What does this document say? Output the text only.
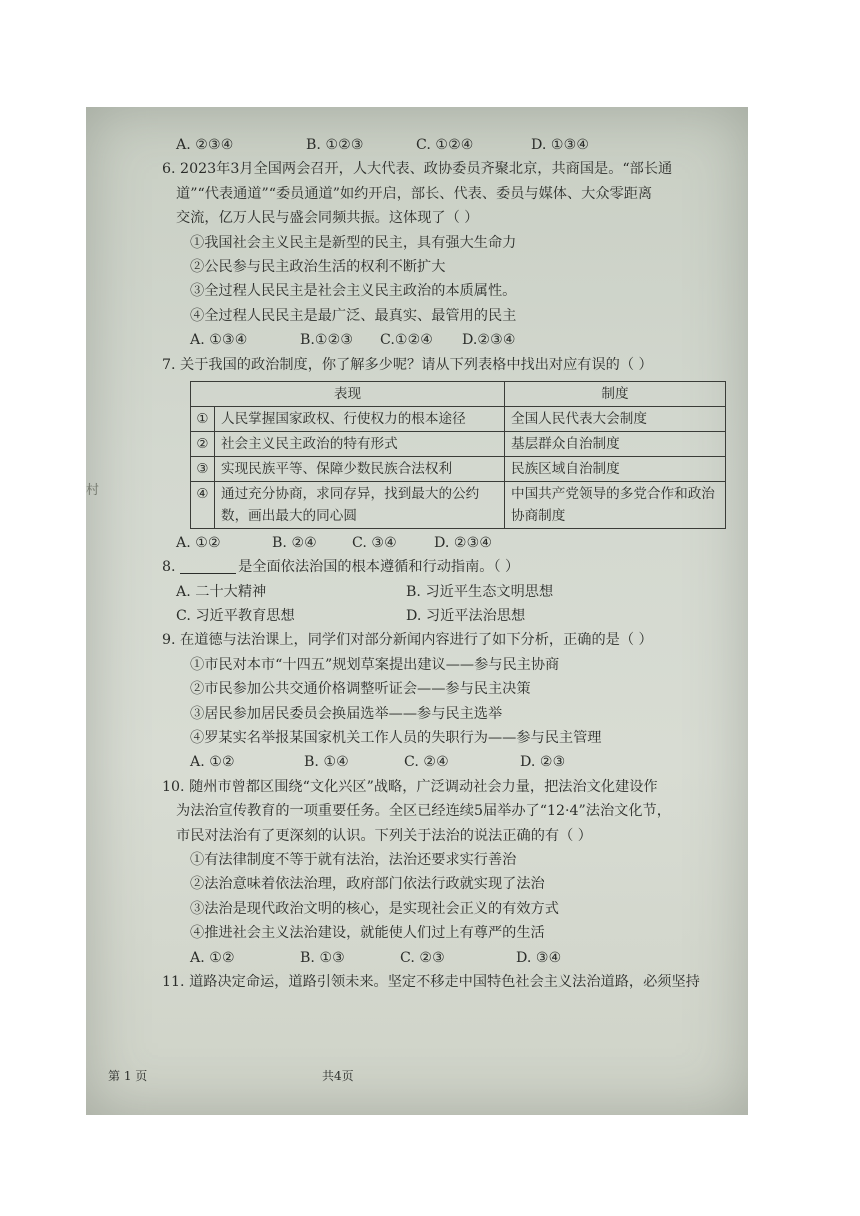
村
A. ②③④	B. ①②③	C. ①②④	D. ①③④
6. 2023年3月全国两会召开，人大代表、政协委员齐聚北京，共商国是。“部长通
道”“代表通道”“委员通道”如约开启，部长、代表、委员与媒体、大众零距离
交流，亿万人民与盛会同频共振。这体现了（ ）
①我国社会主义民主是新型的民主，具有强大生命力
②公民参与民主政治生活的权利不断扩大
③全过程人民民主是社会主义民主政治的本质属性。
④全过程人民民主是最广泛、最真实、最管用的民主
A. ①③④	B.①②③	C.①②④	D.②③④
7. 关于我国的政治制度，你了解多少呢？请从下列表格中找出对应有误的（ ）
表现		制度
①	人民掌握国家政权、行使权力的根本途径	全国人民代表大会制度
②	社会主义民主政治的特有形式	基层群众自治制度
③	实现民族平等、保障少数民族合法权利	民族区域自治制度
④	通过充分协商，求同存异，找到最大的公约数，画出最大的同心圆	中国共产党领导的多党合作和政治协商制度
A. ①②	B. ②④	C. ③④	D. ②③④
8.	是全面依法治国的根本遵循和行动指南。（ ）
A. 二十大精神	B. 习近平生态文明思想
C. 习近平教育思想	D. 习近平法治思想
9. 在道德与法治课上，同学们对部分新闻内容进行了如下分析，正确的是（ ）
①市民对本市“十四五”规划草案提出建议——参与民主协商
②市民参加公共交通价格调整听证会——参与民主决策
③居民参加居民委员会换届选举——参与民主选举
④罗某实名举报某国家机关工作人员的失职行为——参与民主管理
A. ①②	B. ①④	C. ②④	D. ②③
10. 随州市曾都区围绕“文化兴区”战略，广泛调动社会力量，把法治文化建设作
为法治宣传教育的一项重要任务。全区已经连续5届举办了“12·4”法治文化节，
市民对法治有了更深刻的认识。下列关于法治的说法正确的有（ ）
①有法律制度不等于就有法治，法治还要求实行善治
②法治意味着依法治理，政府部门依法行政就实现了法治
③法治是现代政治文明的核心，是实现社会正义的有效方式
④推进社会主义法治建设，就能使人们过上有尊严的生活
A. ①②	B. ①③	C. ②③	D. ③④
11. 道路决定命运，道路引领未来。坚定不移走中国特色社会主义法治道路，必须坚持
第 1 页	共4页
